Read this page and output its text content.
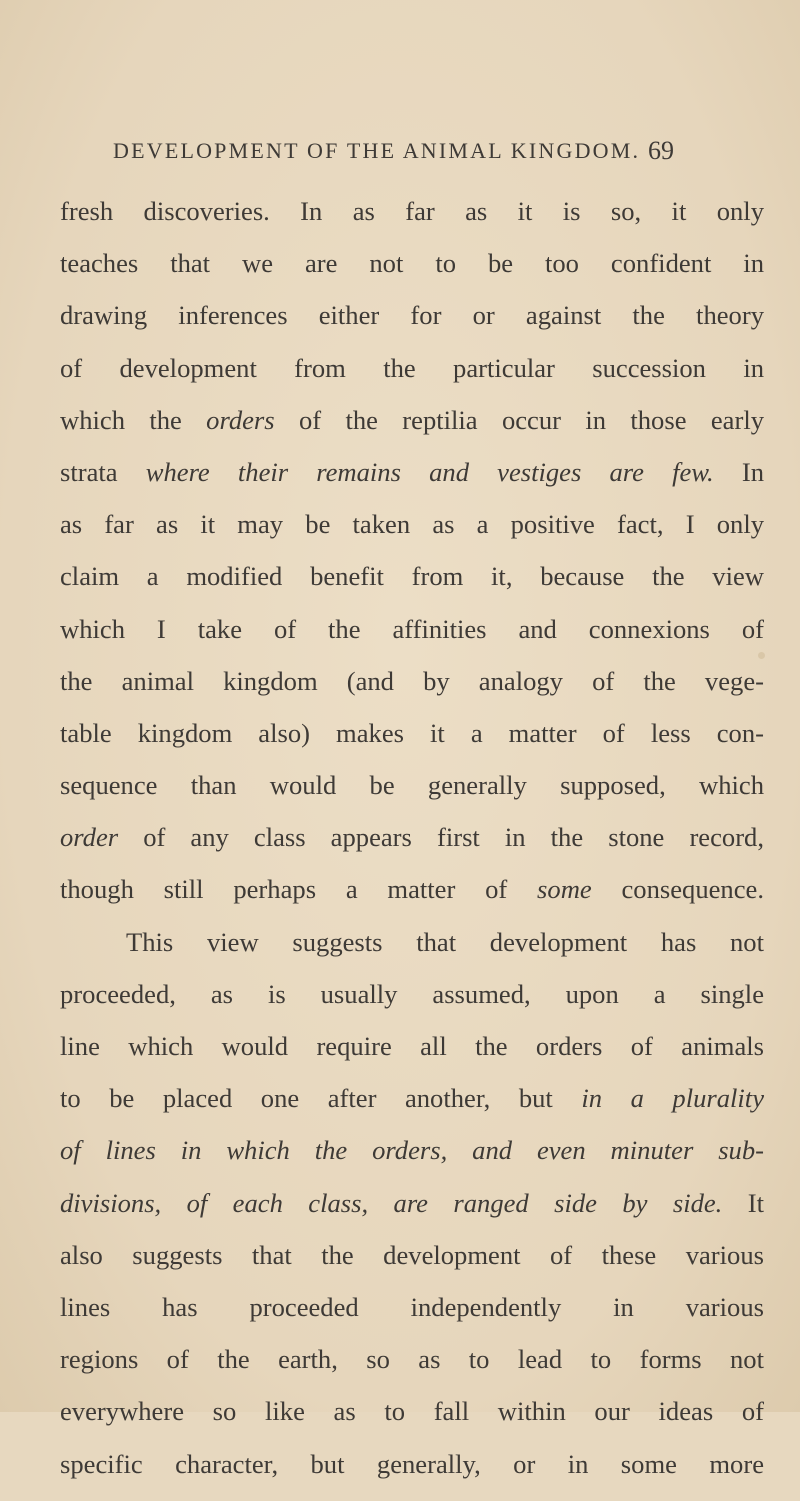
DEVELOPMENT OF THE ANIMAL KINGDOM. 69
fresh discoveries. In as far as it is so, it only
teaches that we are not to be too confident in
drawing inferences either for or against the theory
of development from the particular succession in
which the orders of the reptilia occur in those early
strata where their remains and vestiges are few. In
as far as it may be taken as a positive fact, I only
claim a modified benefit from it, because the view
which I take of the affinities and connexions of
the animal kingdom (and by analogy of the vege-
table kingdom also) makes it a matter of less con-
sequence than would be generally supposed, which
order of any class appears first in the stone record,
though still perhaps a matter of some consequence.
This view suggests that development has not
proceeded, as is usually assumed, upon a single
line which would require all the orders of animals
to be placed one after another, but in a plurality
of lines in which the orders, and even minuter sub-
divisions, of each class, are ranged side by side. It
also suggests that the development of these various
lines has proceeded independently in various
regions of the earth, so as to lead to forms not
everywhere so like as to fall within our ideas of
specific character, but generally, or in some more
